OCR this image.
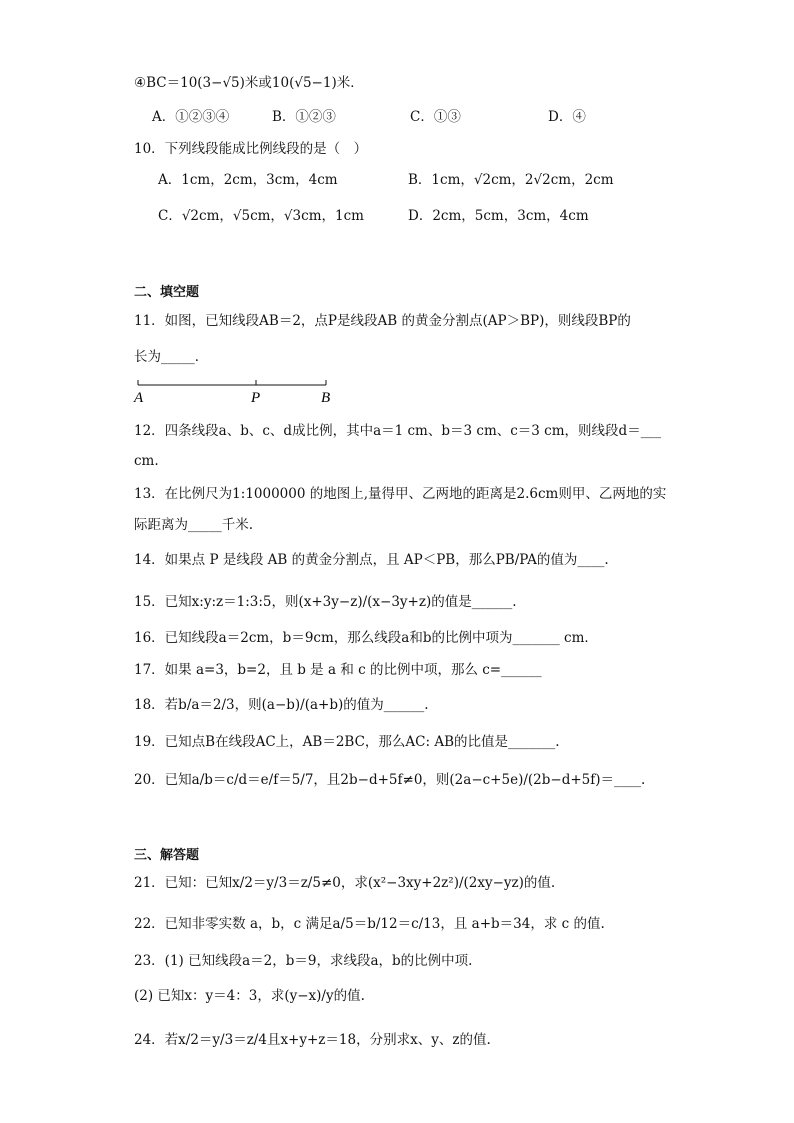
④BC＝10(3−√5)米或10(√5−1)米．
A．①②③④	B．①②③	C．①③	D．④
10．下列线段能成比例线段的是（　）
A．1cm，2cm，3cm，4cm	B．1cm，√2cm，2√2cm，2cm
C．√2cm，√5cm，√3cm，1cm	D．2cm，5cm，3cm，4cm
二、填空题
11．如图，已知线段AB＝2，点P是线段AB 的黄金分割点(AP＞BP)，则线段BP的
长为_____．
A	P	B
12．四条线段a、b、c、d成比例，其中a＝1 cm、b＝3 cm、c＝3 cm，则线段d＝___
cm.
13．在比例尺为1:1000000 的地图上,量得甲、乙两地的距离是2.6cm则甲、乙两地的实
际距离为_____千米.
14．如果点 P 是线段 AB 的黄金分割点，且 AP＜PB，那么PB/PA的值为____.
15．已知x:y:z＝1:3:5，则(x+3y−z)/(x−3y+z)的值是______.
16．已知线段a＝2cm，b＝9cm，那么线段a和b的比例中项为_______ cm．
17．如果 a=3，b=2，且 b 是 a 和 c 的比例中项，那么 c=______
18．若b/a＝2/3，则(a−b)/(a+b)的值为______.
19．已知点B在线段AC上，AB＝2BC，那么AC: AB的比值是_______.
20．已知a/b＝c/d＝e/f＝5/7，且2b−d+5f≠0，则(2a−c+5e)/(2b−d+5f)＝____.
三、解答题
21．已知：已知x/2＝y/3＝z/5≠0，求(x²−3xy+2z²)/(2xy−yz)的值.
22．已知非零实数 a，b，c 满足a/5＝b/12＝c/13，且 a+b＝34，求 c 的值.
23．(1) 已知线段a＝2，b＝9，求线段a，b的比例中项.
(2) 已知x：y＝4：3，求(y−x)/y的值.
24．若x/2＝y/3＝z/4且x+y+z＝18，分别求x、y、z的值.
